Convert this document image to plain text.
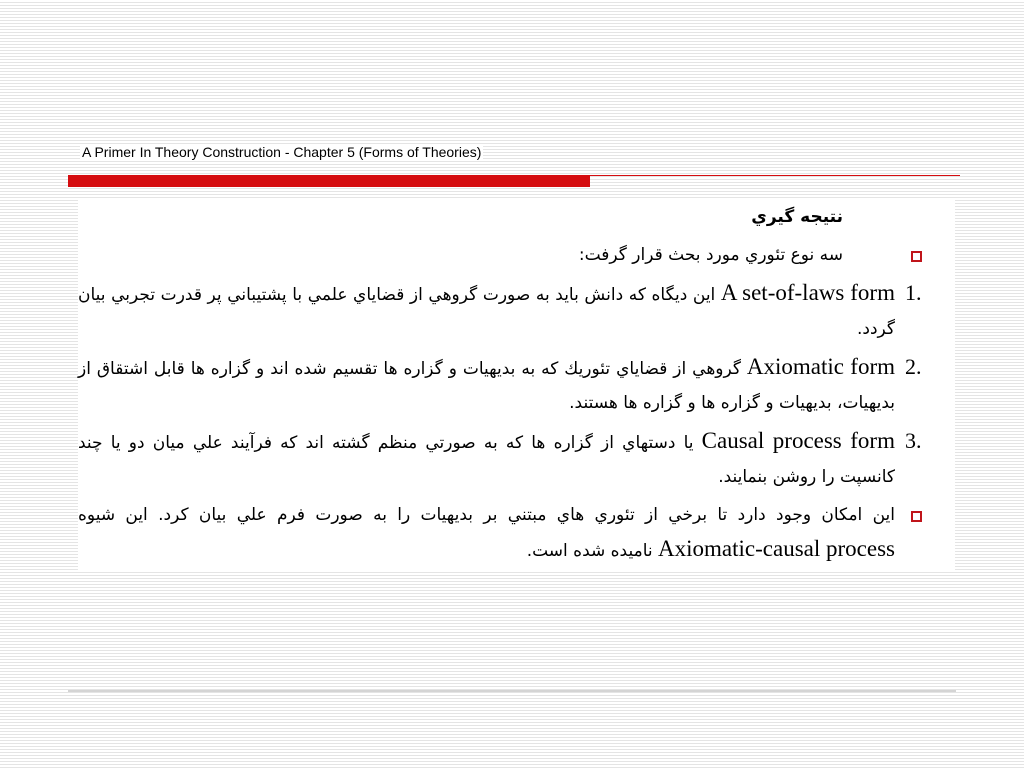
A Primer In Theory Construction - Chapter 5 (Forms of Theories)
نتيجه گيري
سه نوع تئوري مورد بحث قرار گرفت:
A set-of-laws form اين ديگاه كه دانش بايد به صورت گروهي از قضاياي علمي با پشتيباني پر قدرت تجربي بيان گردد.
1.
Axiomatic form گروهي از قضاياي تئوريك كه به بديهيات و گزاره ها تقسيم شده اند و گزاره ها قابل اشتقاق از بديهيات، بديهيات و گزاره ها و گزاره ها هستند.
2.
Causal process form يا دستهاي از گزاره ها كه به صورتي منظم گشته اند كه فرآيند علي ميان دو يا چند كانسپت را روشن بنمايند.
3.
اين امكان وجود دارد تا برخي از تئوري هاي مبتني بر بديهيات را به صورت فرم علي بيان كرد. اين شيوه Axiomatic-causal process ناميده شده است.
